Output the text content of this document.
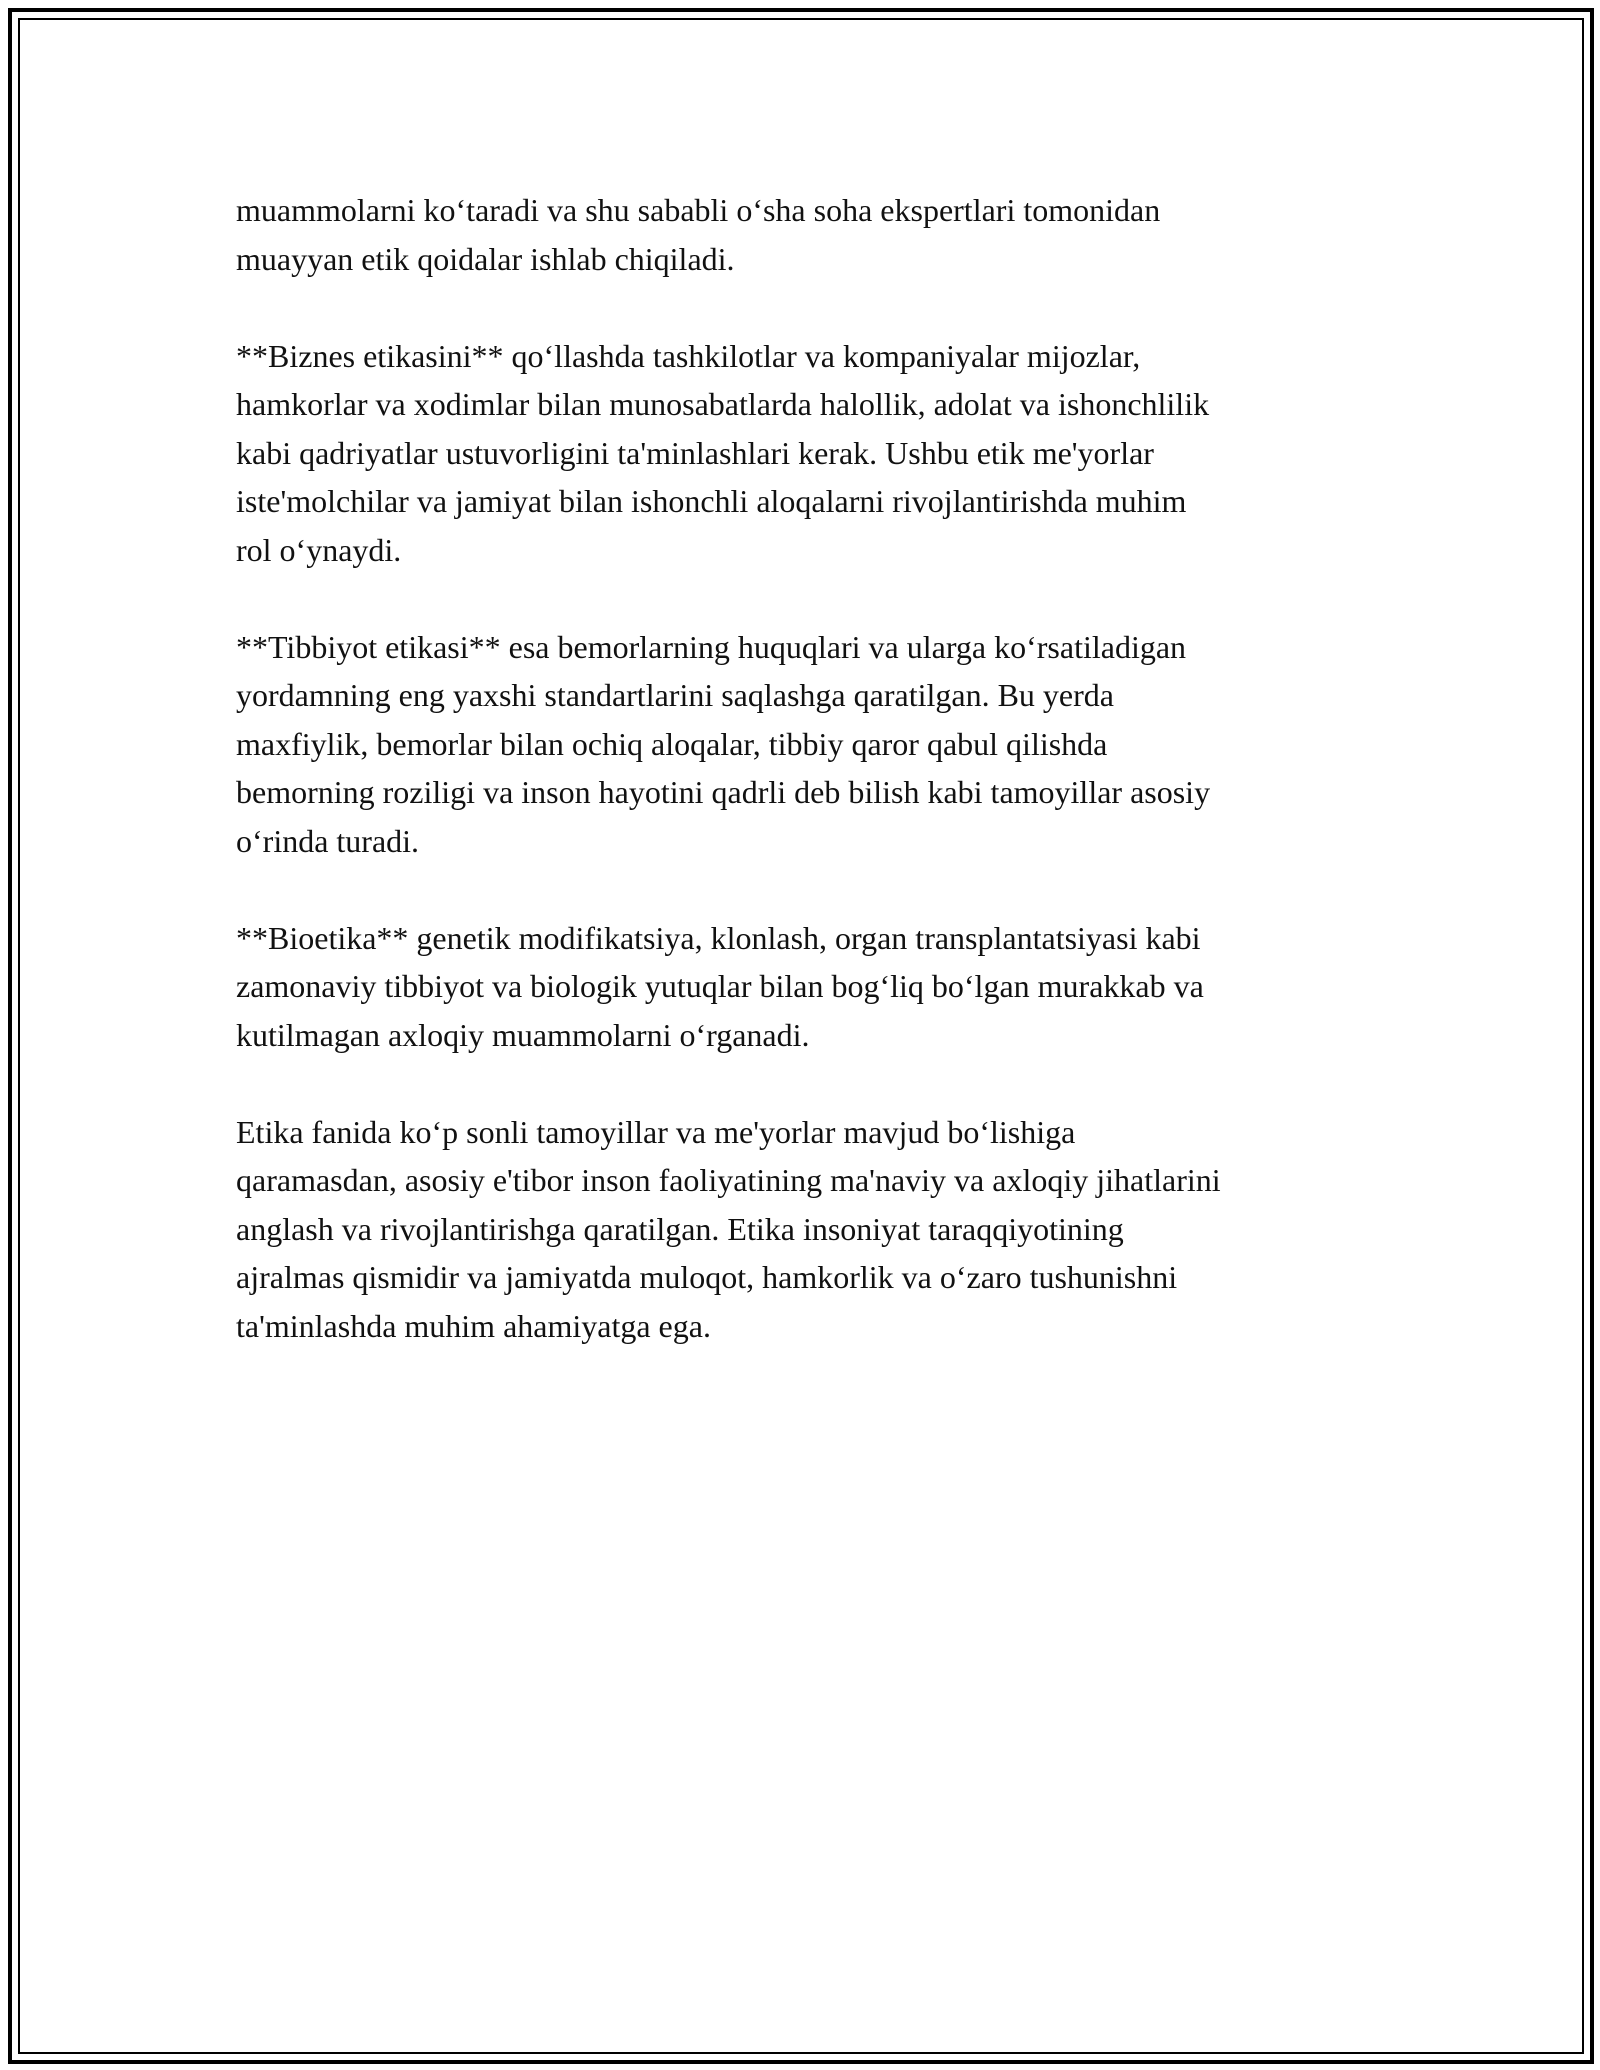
muammolarni ko‘taradi va shu sababli o‘sha soha ekspertlari tomonidan
muayyan etik qoidalar ishlab chiqiladi.

**Biznes etikasini** qo‘llashda tashkilotlar va kompaniyalar mijozlar,
hamkorlar va xodimlar bilan munosabatlarda halollik, adolat va ishonchlilik
kabi qadriyatlar ustuvorligini ta'minlashlari kerak. Ushbu etik me'yorlar
iste'molchilar va jamiyat bilan ishonchli aloqalarni rivojlantirishda muhim
rol o‘ynaydi.

**Tibbiyot etikasi** esa bemorlarning huquqlari va ularga ko‘rsatiladigan
yordamning eng yaxshi standartlarini saqlashga qaratilgan. Bu yerda
maxfiylik, bemorlar bilan ochiq aloqalar, tibbiy qaror qabul qilishda
bemorning roziligi va inson hayotini qadrli deb bilish kabi tamoyillar asosiy
o‘rinda turadi.

**Bioetika** genetik modifikatsiya, klonlash, organ transplantatsiyasi kabi
zamonaviy tibbiyot va biologik yutuqlar bilan bog‘liq bo‘lgan murakkab va
kutilmagan axloqiy muammolarni o‘rganadi.

Etika fanida ko‘p sonli tamoyillar va me'yorlar mavjud bo‘lishiga
qaramasdan, asosiy e'tibor inson faoliyatining ma'naviy va axloqiy jihatlarini
anglash va rivojlantirishga qaratilgan. Etika insoniyat taraqqiyotining
ajralmas qismidir va jamiyatda muloqot, hamkorlik va o‘zaro tushunishni
ta'minlashda muhim ahamiyatga ega.
